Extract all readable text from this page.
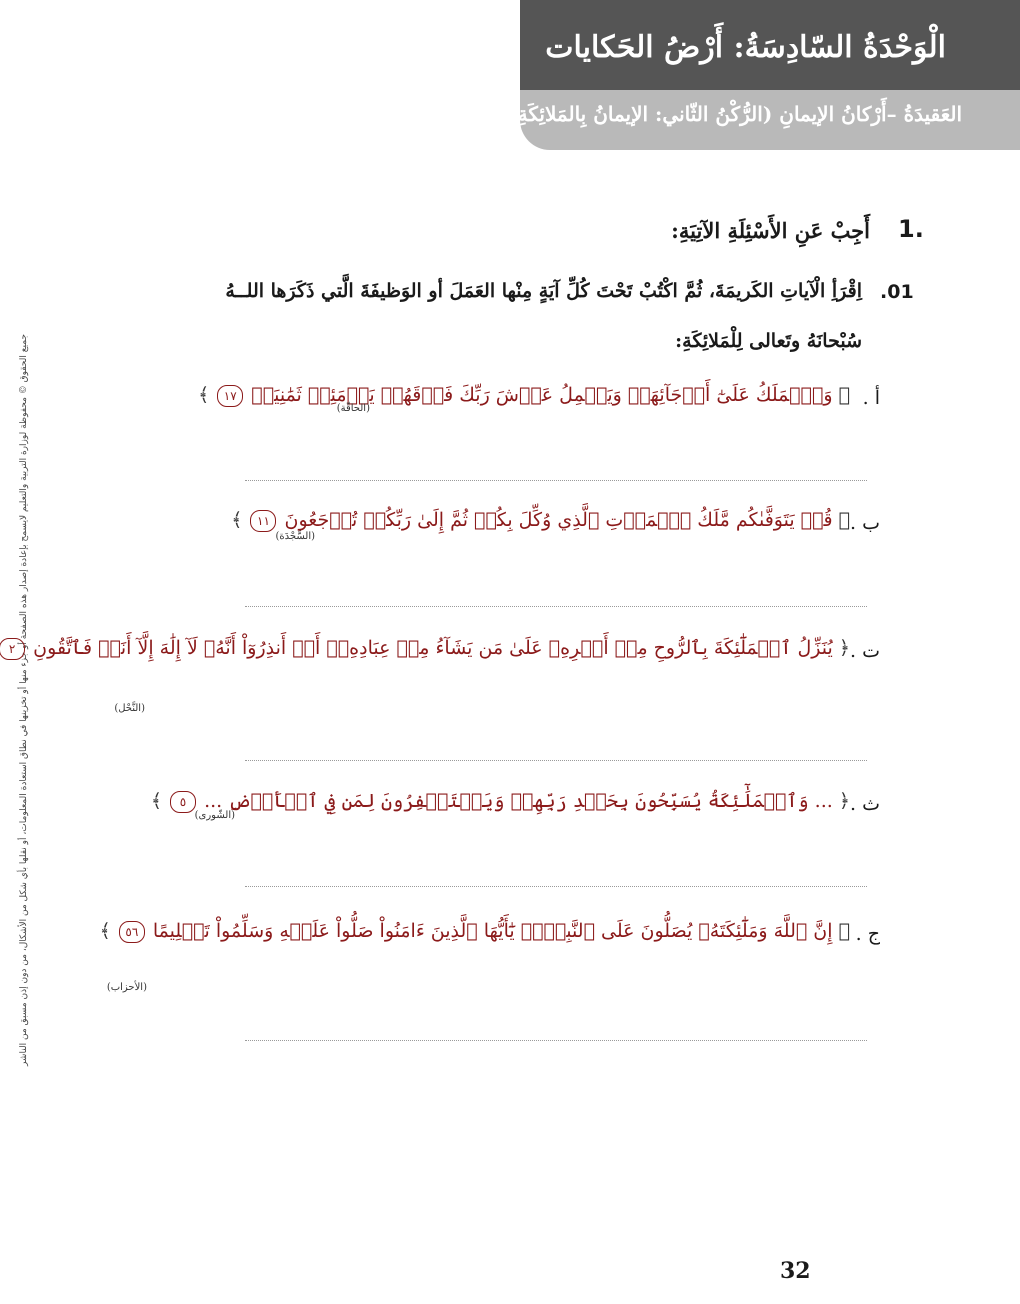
الْوَحْدَةُ السّادِسَةُ: أَرْضُ الحَكايات
العَقيدَةُ –أَرْكانُ الإيمانِ (الرُّكْنُ الثّاني: الإيمانُ بِالمَلائِكَةِ)
جميع الحقوق © محفوظة لوزارة التربية والتعليم لايسمح بإعادة إصدار هذه الصفحة أو جزء منها أو تخزينها في نطاق استعادة المعلومات، أو نقلها بأي شكل من الأشكال، من دون إذن مسبق من الناشر
1.
أَجِبْ عَنِ الأَسْئِلَةِ الآتِيَةِ:
.01
اِقْرَأِ الْآياتِ الكَريمَةَ، ثُمَّ اكْتُبْ تَحْتَ كُلِّ آيَةٍ مِنْها العَمَلَ أو الوَظيفَةَ الَّتي ذَكَرَها اللــهُ
سُبْحانَهُ وتَعالى لِلْمَلائِكَةِ:
أ .
﴿ وَٱلۡمَلَكُ عَلَىٰٓ أَرۡجَآئِهَاۚ وَيَحۡمِلُ عَرۡشَ رَبِّكَ فَوۡقَهُمۡ يَوۡمَئِذٖ ثَمَٰنِيَةٞ ١٧ ﴾
(الحاقّة)
ب .
﴿ قُلۡ يَتَوَفَّىٰكُم مَّلَكُ ٱلۡمَوۡتِ ٱلَّذِي وُكِّلَ بِكُمۡ ثُمَّ إِلَىٰ رَبِّكُمۡ تُرۡجَعُونَ ١١ ﴾
(السَّجْدَة)
ت .
﴿ يُنَزِّلُ ٱلۡمَلَٰٓئِكَةَ بِٱلرُّوحِ مِنۡ أَمۡرِهِۦ عَلَىٰ مَن يَشَآءُ مِنۡ عِبَادِهِۦٓ أَنۡ أَنذِرُوٓاْ أَنَّهُۥ لَآ إِلَٰهَ إِلَّآ أَنَا۠ فَٱتَّقُونِ ٢
(النَّحْل)
ث .
﴿ ... وَٱلۡمَلَٰٓئِكَةُ يُسَبِّحُونَ بِحَمۡدِ رَبِّهِمۡ وَيَسۡتَغۡفِرُونَ لِمَن فِي ٱلۡأَرۡضِ ... ٥ ﴾
(الشّورى)
ج .
﴿ إِنَّ ٱللَّهَ وَمَلَٰٓئِكَتَهُۥ يُصَلُّونَ عَلَى ٱلنَّبِيِّۚ يَٰٓأَيُّهَا ٱلَّذِينَ ءَامَنُواْ صَلُّواْ عَلَيۡهِ وَسَلِّمُواْ تَسۡلِيمًا ٥٦ ﴾
(الأحزاب)
32
